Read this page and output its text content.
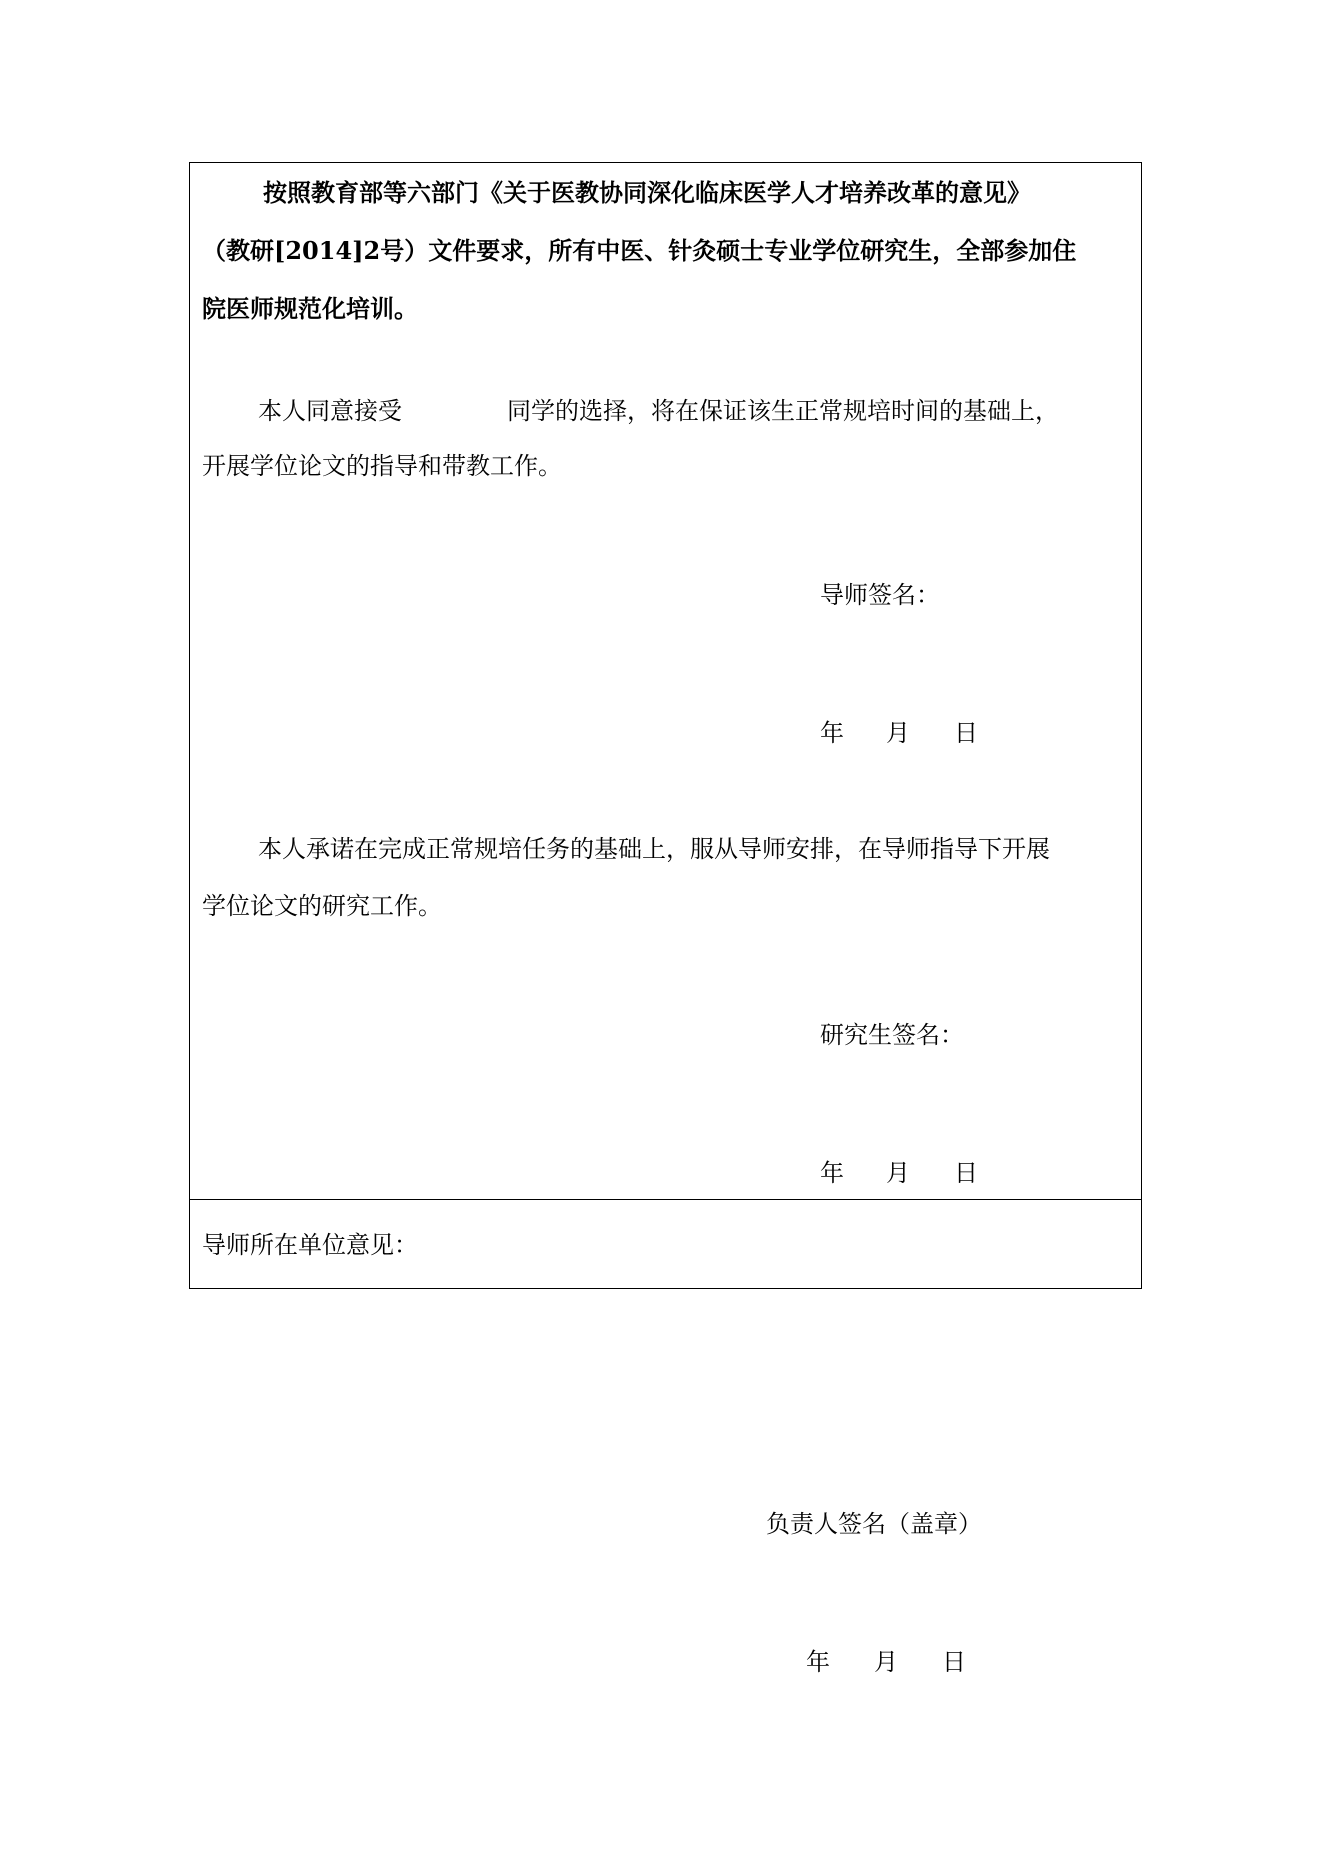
按照教育部等六部门《关于医教协同深化临床医学人才培养改革的意见》
（教研[2014]2号）文件要求，所有中医、针灸硕士专业学位研究生，全部参加住
院医师规范化培训。
本人同意接受	同学的选择，将在保证该生正常规培时间的基础上，
开展学位论文的指导和带教工作。
导师签名：
年 月 日
本人承诺在完成正常规培任务的基础上，服从导师安排，在导师指导下开展
学位论文的研究工作。
研究生签名：
年 月 日
导师所在单位意见：
负责人签名（盖章）
年 月 日
